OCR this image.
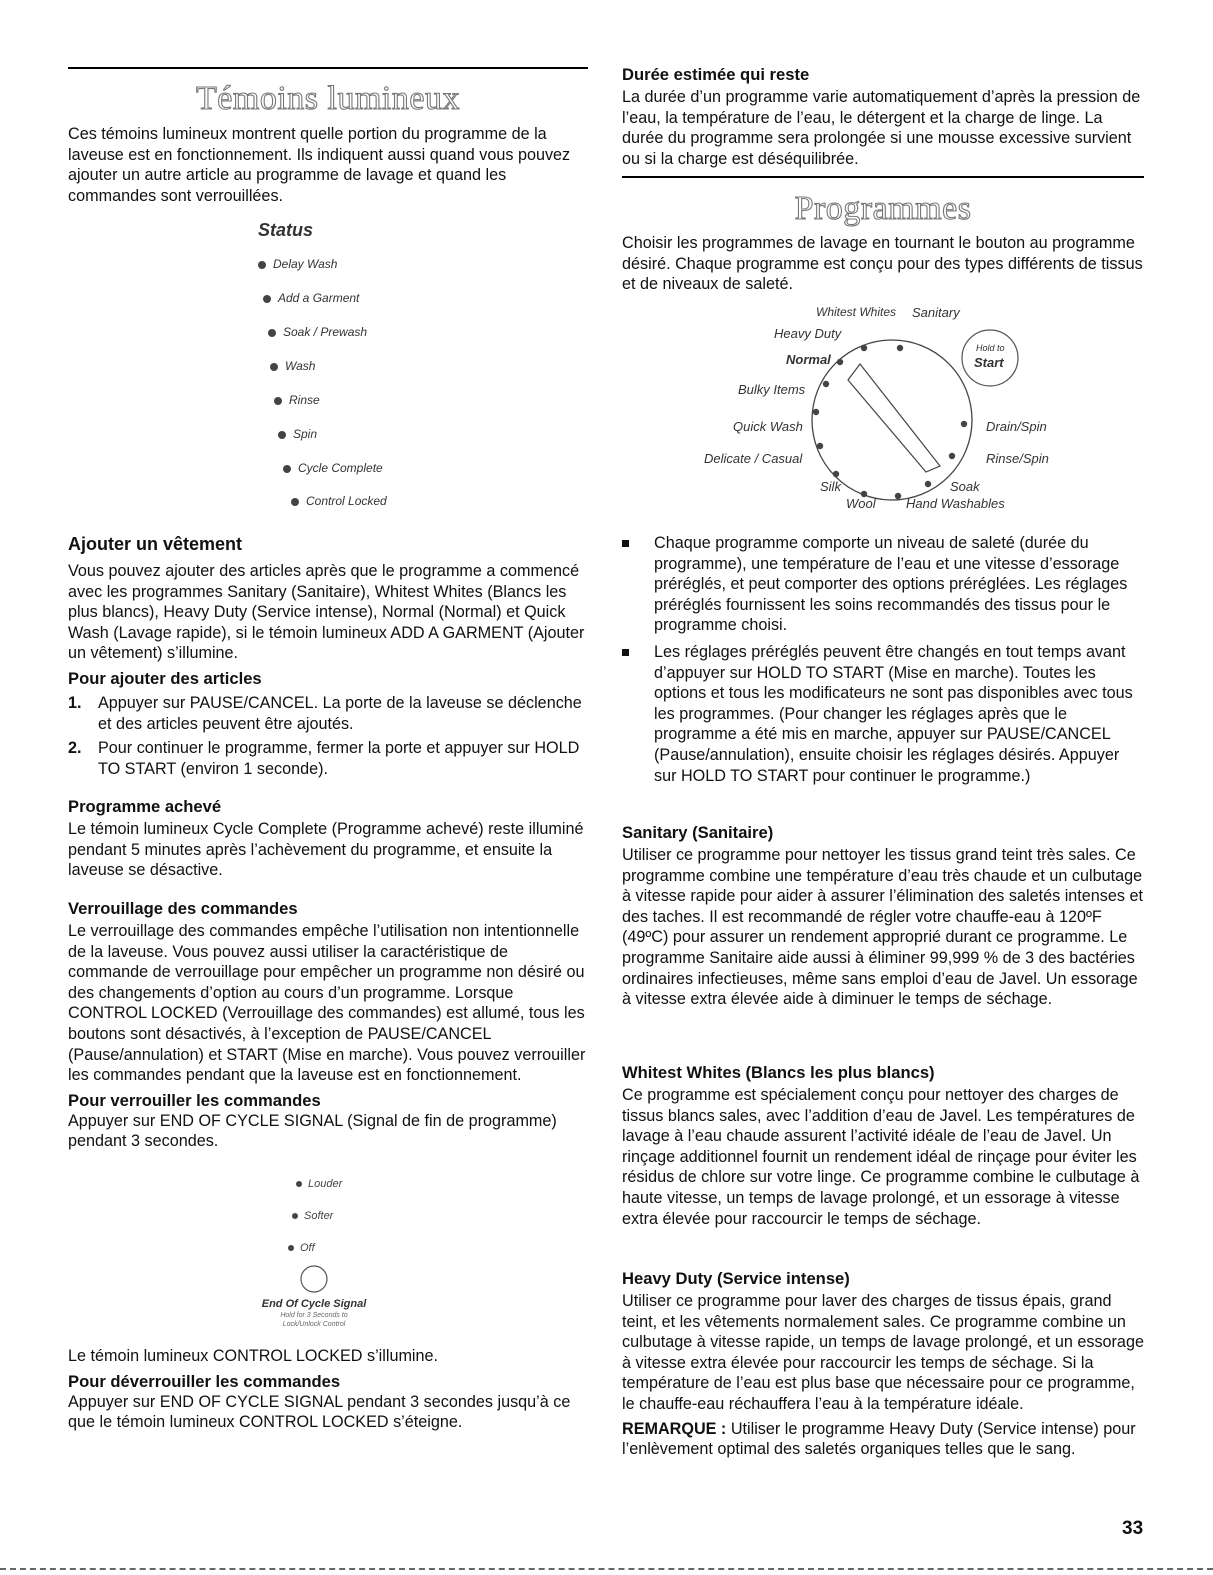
Témoins lumineux

Ces témoins lumineux montrent quelle portion du programme de la laveuse est en fonctionnement. Ils indiquent aussi quand vous pouvez ajouter un autre article au programme de lavage et quand les commandes sont verrouillées.

Status
Delay Wash
Add a Garment
Soak / Prewash
Wash
Rinse
Spin
Cycle Complete
Control Locked
Ajouter un vêtement

Vous pouvez ajouter des articles après que le programme a commencé avec les programmes Sanitary (Sanitaire), Whitest Whites (Blancs les plus blancs), Heavy Duty (Service intense), Normal (Normal) et Quick Wash (Lavage rapide), si le témoin lumineux ADD A GARMENT (Ajouter un vêtement) s’illumine.

Pour ajouter des articles
1. Appuyer sur PAUSE/CANCEL. La porte de la laveuse se déclenche et des articles peuvent être ajoutés.
2. Pour continuer le programme, fermer la porte et appuyer sur HOLD TO START (environ 1 seconde).
Programme achevé

Le témoin lumineux Cycle Complete (Programme achevé) reste illuminé pendant 5 minutes après l’achèvement du programme, et ensuite la laveuse se désactive.

Verrouillage des commandes

Le verrouillage des commandes empêche l’utilisation non intentionnelle de la laveuse. Vous pouvez aussi utiliser la caractéristique de commande de verrouillage pour empêcher un programme non désiré ou des changements d’option au cours d’un programme. Lorsque CONTROL LOCKED (Verrouillage des commandes) est allumé, tous les boutons sont désactivés, à l’exception de PAUSE/CANCEL (Pause/annulation) et START (Mise en marche). Vous pouvez verrouiller les commandes pendant que la laveuse est en fonctionnement.

Pour verrouiller les commandes

Appuyer sur END OF CYCLE SIGNAL (Signal de fin de programme) pendant 3 secondes.

Louder
Softer
Off
End Of Cycle Signal
Hold for 3 Seconds to
Lock/Unlock Control

Le témoin lumineux CONTROL LOCKED s’illumine.

Pour déverrouiller les commandes

Appuyer sur END OF CYCLE SIGNAL pendant 3 secondes jusqu’à ce que le témoin lumineux CONTROL LOCKED s’éteigne.

Durée estimée qui reste

La durée d’un programme varie automatiquement d’après la pression de l’eau, la température de l’eau, le détergent et la charge de linge. La durée du programme sera prolongée si une mousse excessive survient ou si la charge est déséquilibrée.

Programmes

Choisir les programmes de lavage en tournant le bouton au programme désiré. Chaque programme est conçu pour des types différents de tissus et de niveaux de saleté.

Whitest Whites Sanitary
Heavy Duty
Normal
Bulky Items
Quick Wash
Delicate / Casual
Silk
Wool Hand Washables
Soak
Rinse/Spin
Drain/Spin
Hold to
Start
Chaque programme comporte un niveau de saleté (durée du programme), une température de l’eau et une vitesse d’essorage préréglés, et peut comporter des options préréglées. Les réglages préréglés fournissent les soins recommandés des tissus pour le programme choisi.
Les réglages préréglés peuvent être changés en tout temps avant d’appuyer sur HOLD TO START (Mise en marche). Toutes les options et tous les modificateurs ne sont pas disponibles avec tous les programmes. (Pour changer les réglages après que le programme a été mis en marche, appuyer sur PAUSE/CANCEL (Pause/annulation), ensuite choisir les réglages désirés. Appuyer sur HOLD TO START pour continuer le programme.)
Sanitary (Sanitaire)

Utiliser ce programme pour nettoyer les tissus grand teint très sales. Ce programme combine une température d’eau très chaude et un culbutage à vitesse rapide pour aider à assurer l’élimination des saletés intenses et des taches. Il est recommandé de régler votre chauffe-eau à 120ºF (49ºC) pour assurer un rendement approprié durant ce programme. Le programme Sanitaire aide aussi à éliminer 99,999 % de 3 des bactéries ordinaires infectieuses, même sans emploi d’eau de Javel. Un essorage à vitesse extra élevée aide à diminuer le temps de séchage.

Whitest Whites (Blancs les plus blancs)

Ce programme est spécialement conçu pour nettoyer des charges de tissus blancs sales, avec l’addition d’eau de Javel. Les températures de lavage à l’eau chaude assurent l’activité idéale de l’eau de Javel. Un rinçage additionnel fournit un rendement idéal de rinçage pour éviter les résidus de chlore sur votre linge. Ce programme combine le culbutage à haute vitesse, un temps de lavage prolongé, et un essorage à vitesse extra élevée pour raccourcir le temps de séchage.

Heavy Duty (Service intense)

Utiliser ce programme pour laver des charges de tissus épais, grand teint, et les vêtements normalement sales. Ce programme combine un culbutage à vitesse rapide, un temps de lavage prolongé, et un essorage à vitesse extra élevée pour raccourcir les temps de séchage. Si la température de l’eau est plus base que nécessaire pour ce programme, le chauffe-eau réchauffera l’eau à la température idéale.

REMARQUE : Utiliser le programme Heavy Duty (Service intense) pour l’enlèvement optimal des saletés organiques telles que le sang.

33
